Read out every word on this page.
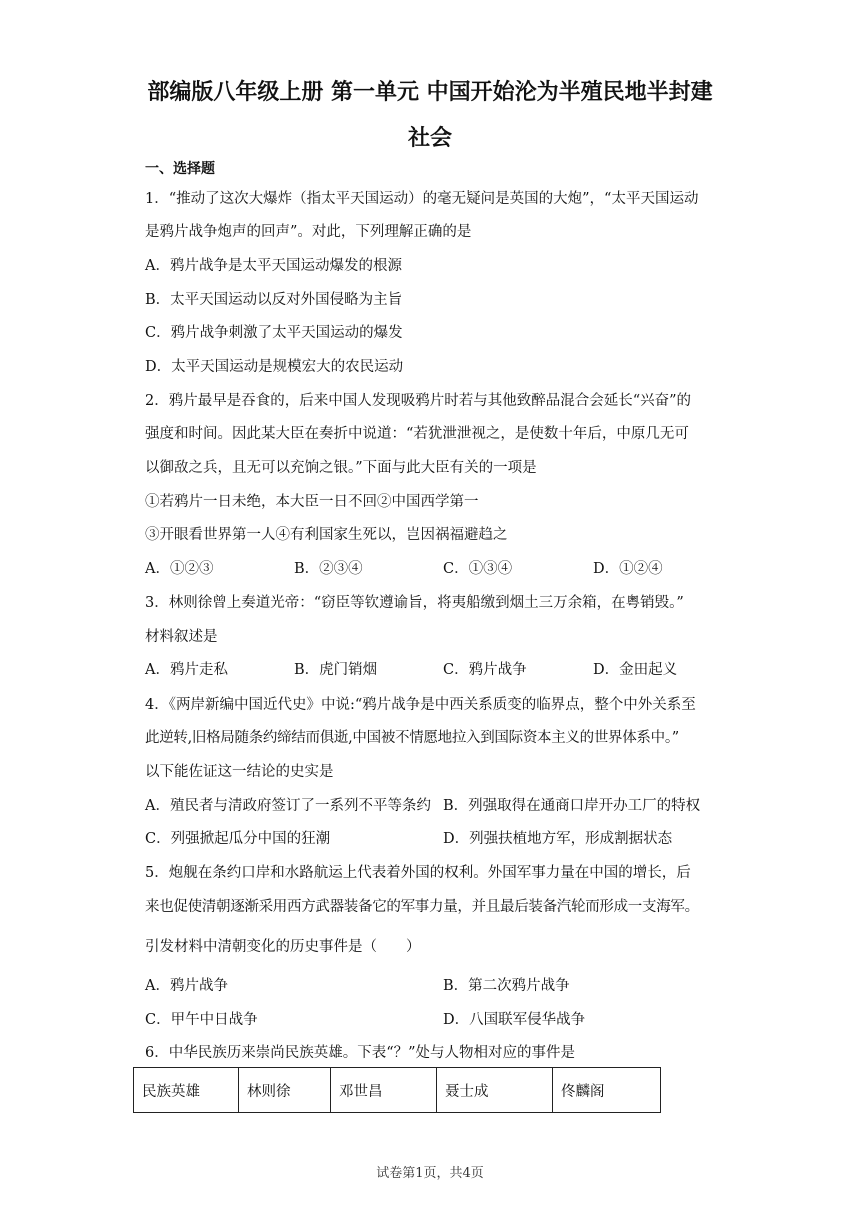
部编版八年级上册 第一单元 中国开始沦为半殖民地半封建
社会
一、选择题
1．“推动了这次大爆炸（指太平天国运动）的毫无疑问是英国的大炮”，“太平天国运动
是鸦片战争炮声的回声”。对此，下列理解正确的是
A．鸦片战争是太平天国运动爆发的根源
B．太平天国运动以反对外国侵略为主旨
C．鸦片战争刺激了太平天国运动的爆发
D．太平天国运动是规模宏大的农民运动
2．鸦片最早是吞食的，后来中国人发现吸鸦片时若与其他致醉品混合会延长“兴奋”的
强度和时间。因此某大臣在奏折中说道：“若犹泄泄视之，是使数十年后，中原几无可
以御敌之兵，且无可以充饷之银。”下面与此大臣有关的一项是
①若鸦片一日未绝，本大臣一日不回②中国西学第一
③开眼看世界第一人④有利国家生死以，岂因祸福避趋之
A．①②③	B．②③④	C．①③④	D．①②④
3．林则徐曾上奏道光帝：“窃臣等钦遵谕旨，将夷船缴到烟土三万余箱，在粤销毁。”
材料叙述是
A．鸦片走私	B．虎门销烟	C．鸦片战争	D．金田起义
4．《两岸新编中国近代史》中说:“鸦片战争是中西关系质变的临界点，整个中外关系至
此逆转,旧格局随条约缔结而俱逝,中国被不情愿地拉入到国际资本主义的世界体系中。”
以下能佐证这一结论的史实是
A．殖民者与清政府签订了一系列不平等条约 B．列强取得在通商口岸开办工厂的特权
C．列强掀起瓜分中国的狂潮	D．列强扶植地方军，形成割据状态
5．炮舰在条约口岸和水路航运上代表着外国的权利。外国军事力量在中国的增长，后
来也促使清朝逐渐采用西方武器装备它的军事力量，并且最后装备汽轮而形成一支海军。
引发材料中清朝变化的历史事件是（　　）
A．鸦片战争	B．第二次鸦片战争
C．甲午中日战争	D．八国联军侵华战争
6．中华民族历来崇尚民族英雄。下表“？”处与人物相对应的事件是
民族英雄	林则徐	邓世昌	聂士成	佟麟阁
试卷第1页，共4页
